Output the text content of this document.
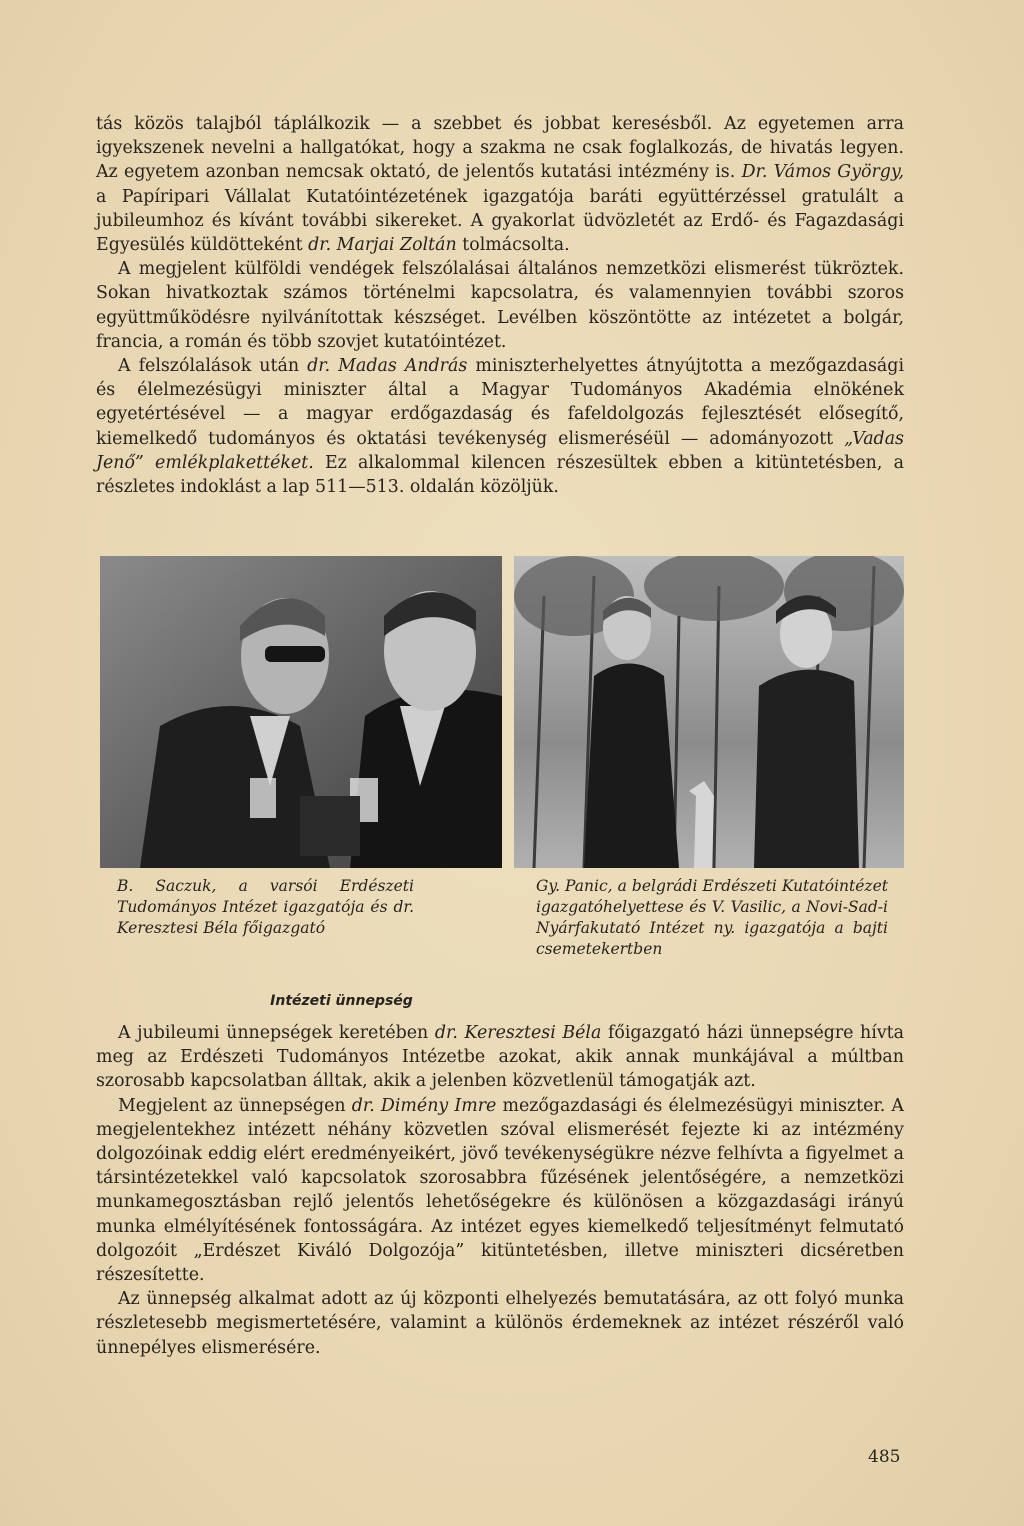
tás közös talajból táplálkozik — a szebbet és jobbat keresésből. Az egyetemen arra igyekszenek nevelni a hallgatókat, hogy a szakma ne csak foglalkozás, de hivatás legyen. Az egyetem azonban nemcsak oktató, de jelentős kutatási intézmény is. Dr. Vámos György, a Papíripari Vállalat Kutatóintézetének igazgatója baráti együttérzéssel gratulált a jubileumhoz és kívánt további sikereket. A gyakorlat üdvözletét az Erdő- és Fagazdasági Egyesülés küldötteként dr. Marjai Zoltán tolmácsolta.

A megjelent külföldi vendégek felszólalásai általános nemzetközi elismerést tükröztek. Sokan hivatkoztak számos történelmi kapcsolatra, és valamennyien további szoros együttműködésre nyilvánítottak készséget. Levélben köszöntötte az intézetet a bolgár, francia, a román és több szovjet kutatóintézet.

A felszólalások után dr. Madas András miniszterhelyettes átnyújtotta a mezőgazdasági és élelmezésügyi miniszter által a Magyar Tudományos Akadémia elnökének egyetértésével — a magyar erdőgazdaság és fafeldolgozás fejlesztését elősegítő, kiemelkedő tudományos és oktatási tevékenység elismeréséül — adományozott „Vadas Jenő” emlékplakettéket. Ez alkalommal kilencen részesültek ebben a kitüntetésben, a részletes indoklást a lap 511—513. oldalán közöljük.

B. Saczuk, a varsói Erdészeti Tudományos Intézet igazgatója és dr. Keresztesi Béla főigazgató
Gy. Panic, a belgrádi Erdészeti Kutatóintézet igazgatóhelyettese és V. Vasilic, a Novi-Sad-i Nyárfakutató Intézet ny. igazgatója a bajti csemetekertben
Intézeti ünnepség

A jubileumi ünnepségek keretében dr. Keresztesi Béla főigazgató házi ünnepségre hívta meg az Erdészeti Tudományos Intézetbe azokat, akik annak munkájával a múltban szorosabb kapcsolatban álltak, akik a jelenben közvetlenül támogatják azt.

Megjelent az ünnepségen dr. Dimény Imre mezőgazdasági és élelmezésügyi miniszter. A megjelentekhez intézett néhány közvetlen szóval elismerését fejezte ki az intézmény dolgozóinak eddig elért eredményeikért, jövő tevékenységükre nézve felhívta a figyelmet a társintézetekkel való kapcsolatok szorosabbra fűzésének jelentőségére, a nemzetközi munkamegosztásban rejlő jelentős lehetőségekre és különösen a közgazdasági irányú munka elmélyítésének fontosságára. Az intézet egyes kiemelkedő teljesítményt felmutató dolgozóit „Erdészet Kiváló Dolgozója” kitüntetésben, illetve miniszteri dicséretben részesítette.

Az ünnepség alkalmat adott az új központi elhelyezés bemutatására, az ott folyó munka részletesebb megismertetésére, valamint a különös érdemeknek az intézet részéről való ünnepélyes elismerésére.

485
